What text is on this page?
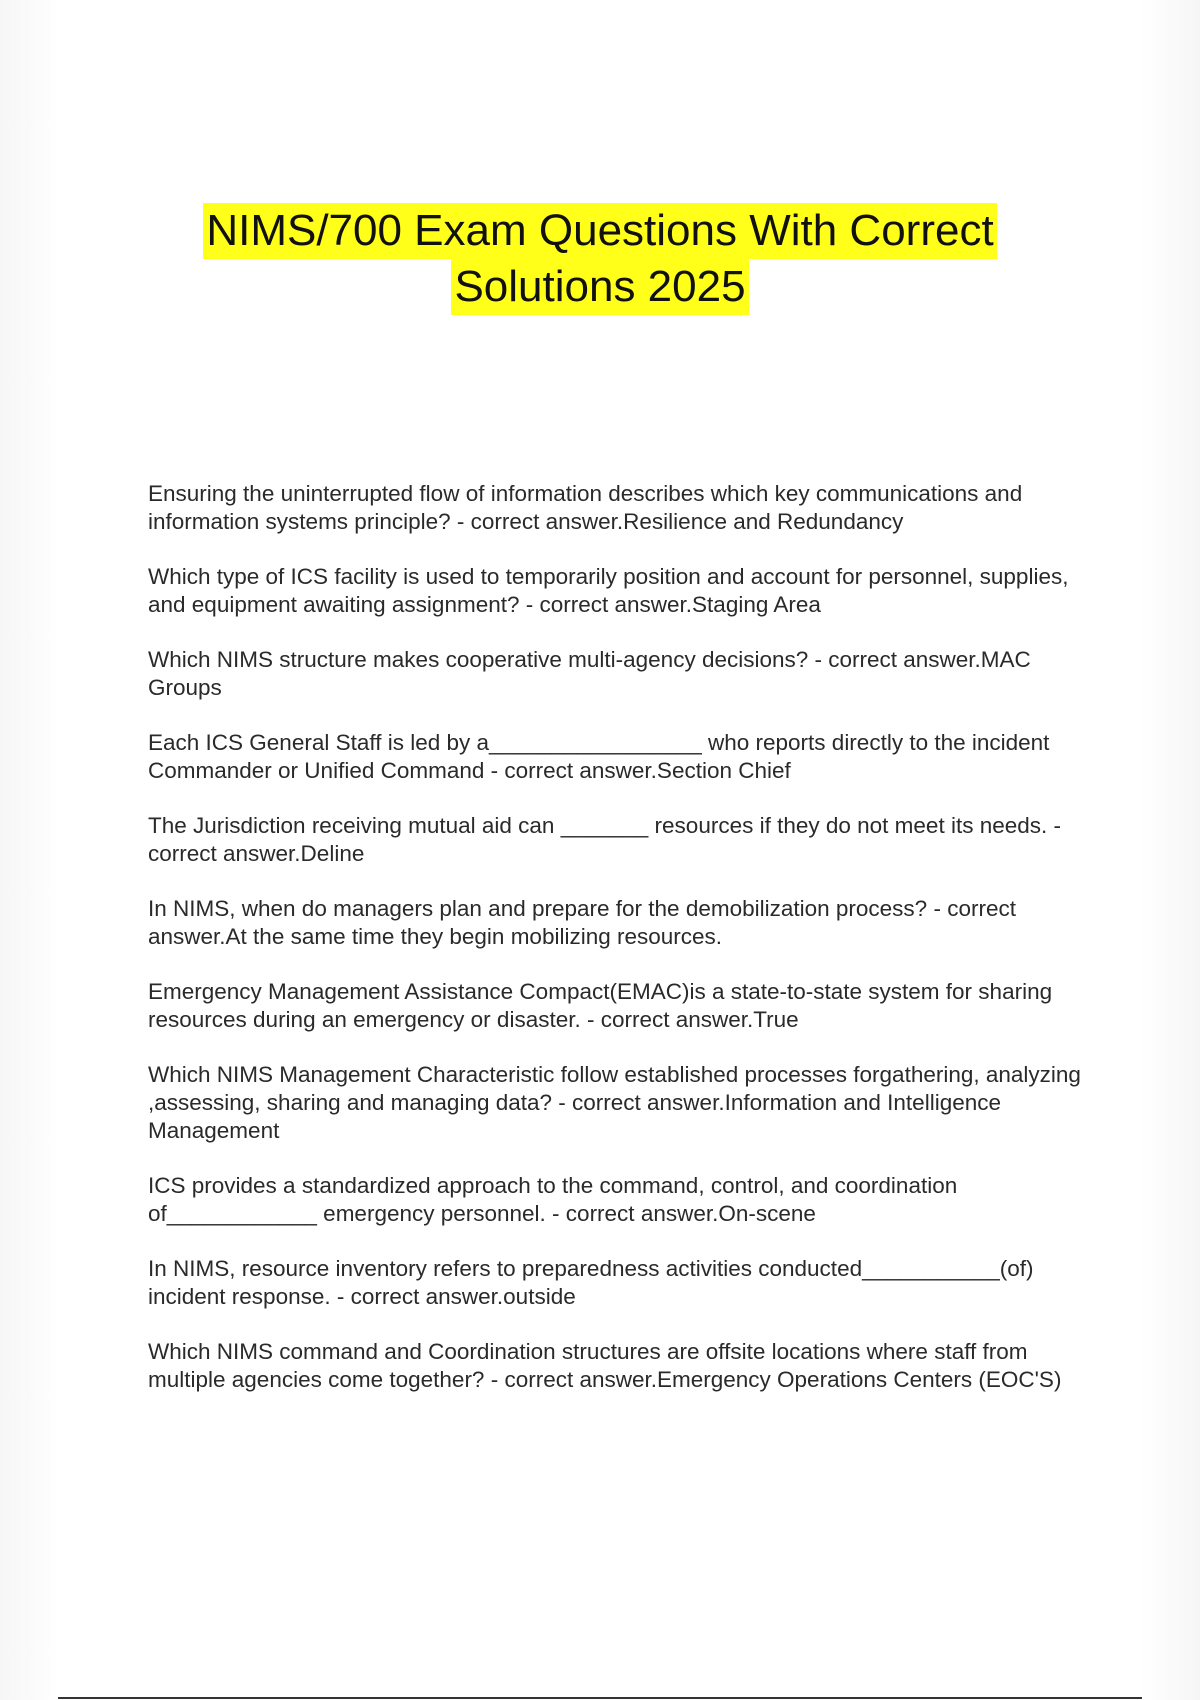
NIMS/700 Exam Questions With Correct
Solutions 2025
Ensuring the uninterrupted flow of information describes which key communications and information systems principle? - correct answer.Resilience and Redundancy
Which type of ICS facility is used to temporarily position and account for personnel, supplies, and equipment awaiting assignment? - correct answer.Staging Area
Which NIMS structure makes cooperative multi-agency decisions? - correct answer.MAC Groups
Each ICS General Staff is led by a_________________ who reports directly to the incident Commander or Unified Command - correct answer.Section Chief
The Jurisdiction receiving mutual aid can _______ resources if they do not meet its needs. - correct answer.Deline
In NIMS, when do managers plan and prepare for the demobilization process? - correct answer.At the same time they begin mobilizing resources.
Emergency Management Assistance Compact(EMAC)is a state-to-state system for sharing resources during an emergency or disaster. - correct answer.True
Which NIMS Management Characteristic follow established processes forgathering, analyzing ,assessing, sharing and managing data? - correct answer.Information and Intelligence Management
ICS provides a standardized approach to the command, control, and coordination of____________ emergency personnel. - correct answer.On-scene
In NIMS, resource inventory refers to preparedness activities conducted___________(of) incident response. - correct answer.outside
Which NIMS command and Coordination structures are offsite locations where staff from multiple agencies come together? - correct answer.Emergency Operations Centers (EOC'S)
